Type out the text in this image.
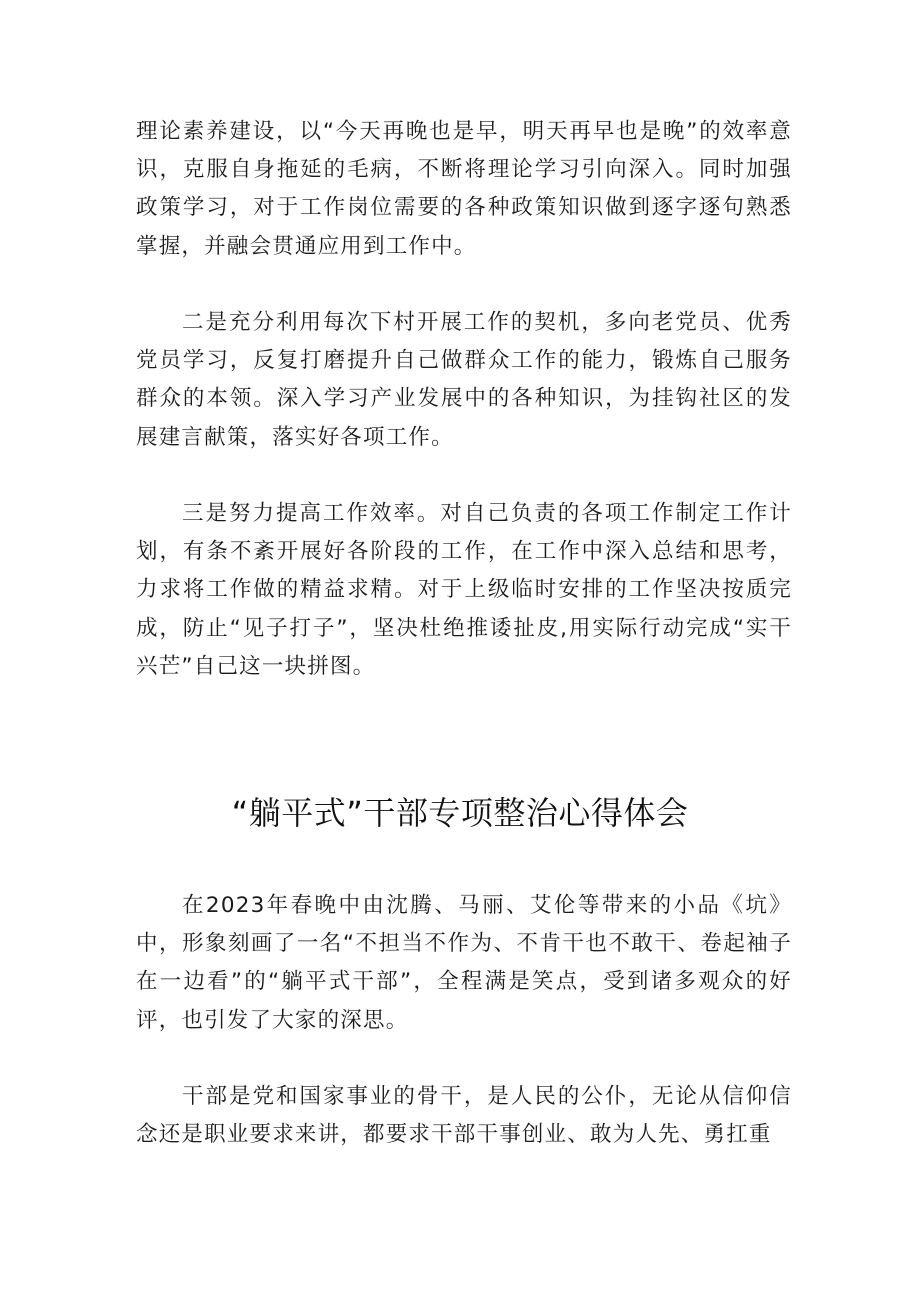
理论素养建设，以“今天再晚也是早，明天再早也是晚”的效率意识，克服自身拖延的毛病，不断将理论学习引向深入。同时加强政策学习，对于工作岗位需要的各种政策知识做到逐字逐句熟悉掌握，并融会贯通应用到工作中。

二是充分利用每次下村开展工作的契机，多向老党员、优秀党员学习，反复打磨提升自己做群众工作的能力，锻炼自己服务群众的本领。深入学习产业发展中的各种知识，为挂钩社区的发展建言献策，落实好各项工作。

三是努力提高工作效率。对自己负责的各项工作制定工作计划，有条不紊开展好各阶段的工作，在工作中深入总结和思考，力求将工作做的精益求精。对于上级临时安排的工作坚决按质完成，防止“见子打子”，坚决杜绝推诿扯皮,用实际行动完成“实干兴芒”自己这一块拼图。

“躺平式”干部专项整治心得体会

在2023年春晚中由沈腾、马丽、艾伦等带来的小品《坑》中，形象刻画了一名“不担当不作为、不肯干也不敢干、卷起袖子在一边看”的“躺平式干部”，全程满是笑点，受到诸多观众的好评，也引发了大家的深思。

干部是党和国家事业的骨干，是人民的公仆，无论从信仰信念还是职业要求来讲，都要求干部干事创业、敢为人先、勇扛重
